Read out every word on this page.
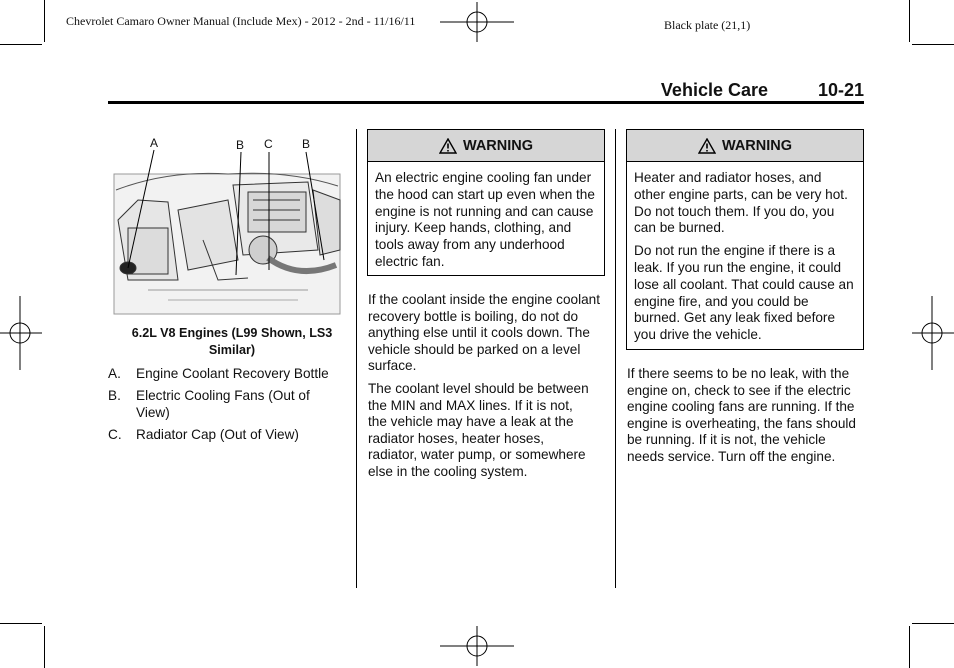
Chevrolet Camaro Owner Manual (Include Mex) - 2012 - 2nd - 11/16/11	Black plate (21,1)
Vehicle Care	10-21
A	B C B
6.2L V8 Engines (L99 Shown, LS3 Similar)
A.	Engine Coolant Recovery Bottle
B.	Electric Cooling Fans (Out of View)
C.	Radiator Cap (Out of View)
WARNING

An electric engine cooling fan under the hood can start up even when the engine is not running and can cause injury. Keep hands, clothing, and tools away from any underhood electric fan.

If the coolant inside the engine coolant recovery bottle is boiling, do not do anything else until it cools down. The vehicle should be parked on a level surface.

The coolant level should be between the MIN and MAX lines. If it is not, the vehicle may have a leak at the radiator hoses, heater hoses, radiator, water pump, or somewhere else in the cooling system.

WARNING

Heater and radiator hoses, and other engine parts, can be very hot. Do not touch them. If you do, you can be burned.

Do not run the engine if there is a leak. If you run the engine, it could lose all coolant. That could cause an engine fire, and you could be burned. Get any leak fixed before you drive the vehicle.

If there seems to be no leak, with the engine on, check to see if the electric engine cooling fans are running. If the engine is overheating, the fans should be running. If it is not, the vehicle needs service. Turn off the engine.
